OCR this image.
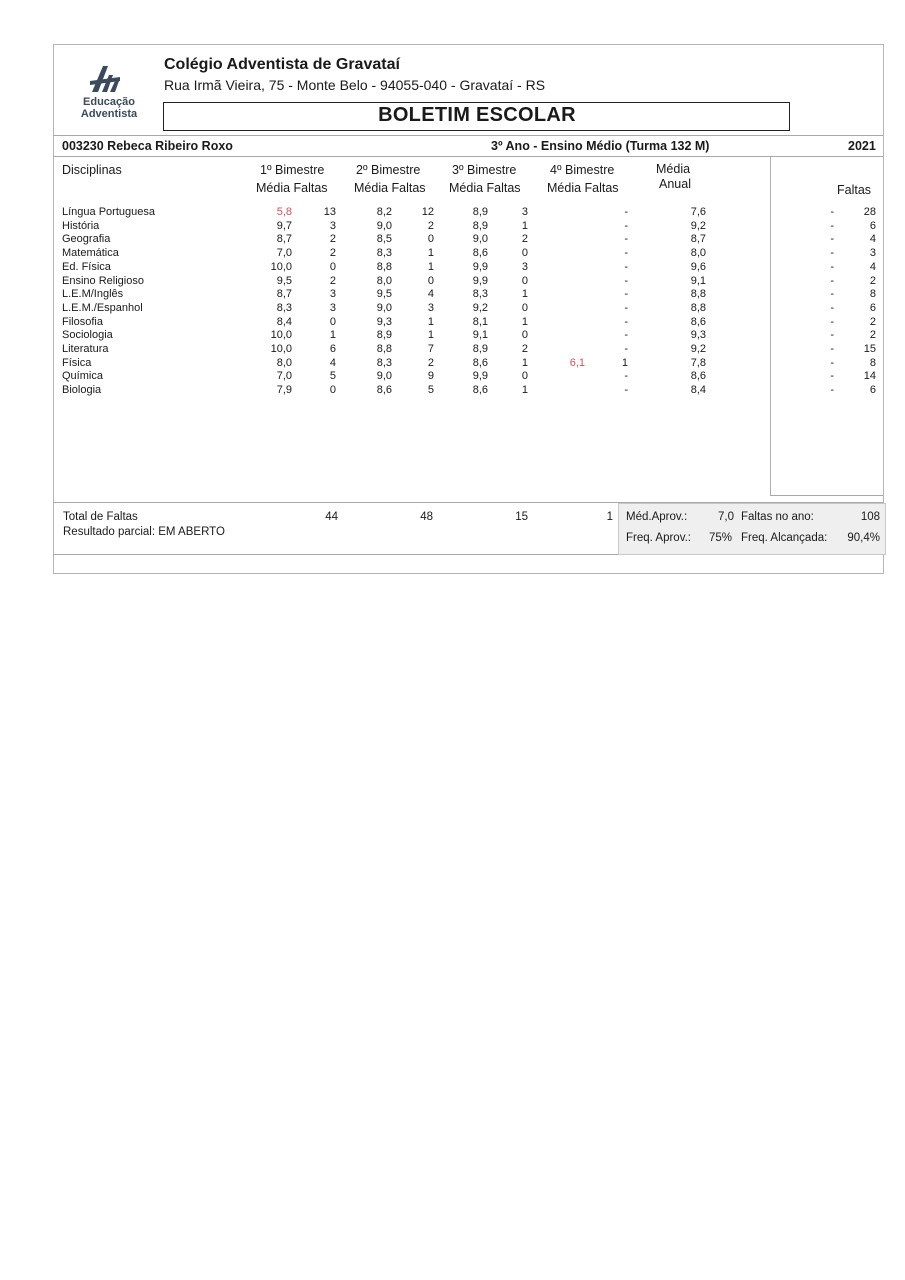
Educação
Adventista
Colégio Adventista de Gravataí
Rua Irmã Vieira, 75 - Monte Belo - 94055-040 - Gravataí - RS
BOLETIM ESCOLAR
003230 Rebeca Ribeiro Roxo	3º Ano - Ensino Médio (Turma 132 M)	2021
Disciplinas	1º Bimestre
Média Faltas
2º Bimestre
Média Faltas
3º Bimestre
Média Faltas
4º Bimestre
Média Faltas
Média
Anual	Faltas
Língua Portuguesa	5,8	13	8,2	12	8,9	3	-	7,6	-	28
História	9,7	3	9,0	2	8,9	1	-	9,2	-	6
Geografia	8,7	2	8,5	0	9,0	2	-	8,7	-	4
Matemática	7,0	2	8,3	1	8,6	0	-	8,0	-	3
Ed. Física	10,0	0	8,8	1	9,9	3	-	9,6	-	4
Ensino Religioso	9,5	2	8,0	0	9,9	0	-	9,1	-	2
L.E.M/Inglês	8,7	3	9,5	4	8,3	1	-	8,8	-	8
L.E.M./Espanhol	8,3	3	9,0	3	9,2	0	-	8,8	-	6
Filosofia	8,4	0	9,3	1	8,1	1	-	8,6	-	2
Sociologia	10,0	1	8,9	1	9,1	0	-	9,3	-	2
Literatura	10,0	6	8,8	7	8,9	2	-	9,2	-	15
Física	8,0	4	8,3	2	8,6	1	6,1	1	7,8	-	8
Química	7,0	5	9,0	9	9,9	0	-	8,6	-	14
Biologia	7,9	0	8,6	5	8,6	1	-	8,4	-	6
Total de Faltas	44	48	15	1
Resultado parcial: EM ABERTO
Méd.Aprov.:	7,0 Faltas no ano:	108
Freq. Aprov.: 75% Freq. Alcançada:	90,4%
